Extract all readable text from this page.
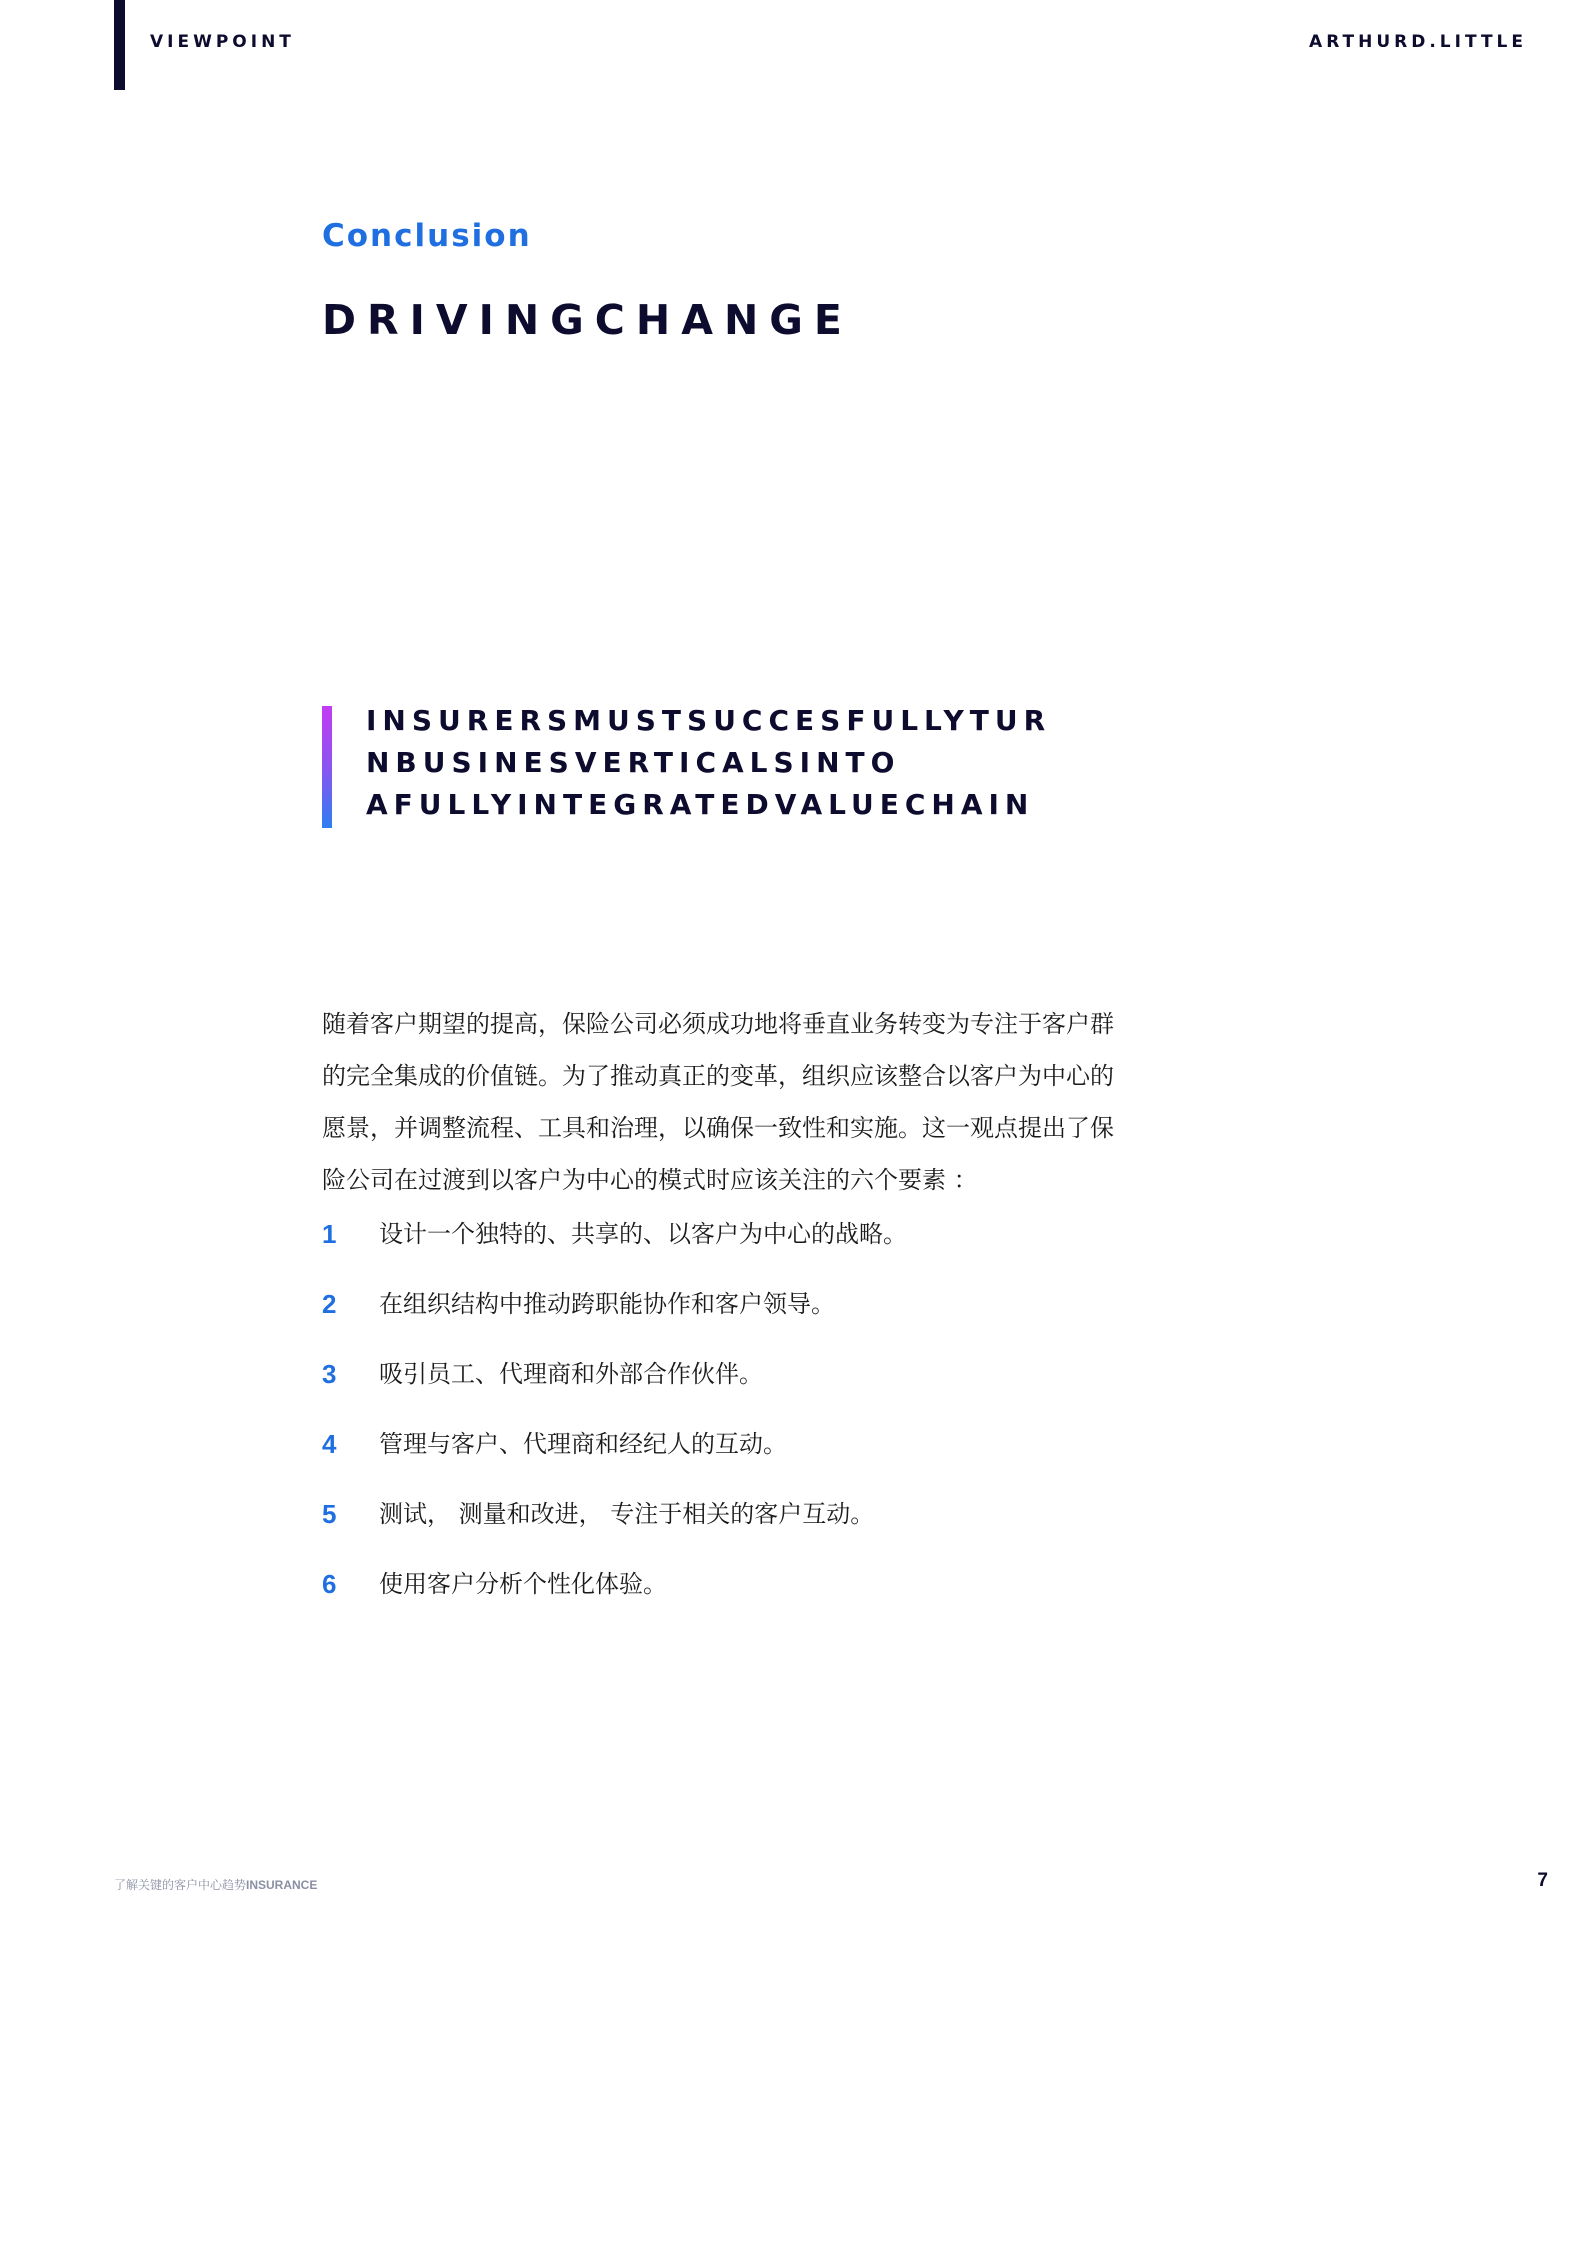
VIEWPOINT	ARTHURD.LITTLE
Conclusion
DRIVINGCHANGE
INSURERSMUSTSUCCESFULLYTUR
NBUSINESVERTICALSINTO
AFULLYINTEGRATEDVALUECHAIN
随着客户期望的提高，保险公司必须成功地将垂直业务转变为专注于客户群
的完全集成的价值链。为了推动真正的变革，组织应该整合以客户为中心的
愿景，并调整流程、工具和治理，以确保一致性和实施。这一观点提出了保
险公司在过渡到以客户为中心的模式时应该关注的六个要素 ：
1 设计一个独特的、共享的、以客户为中心的战略。
2 在组织结构中推动跨职能协作和客户领导。
3 吸引员工、代理商和外部合作伙伴。
4 管理与客户、代理商和经纪人的互动。
5 测试， 测量和改进， 专注于相关的客户互动。
6 使用客户分析个性化体验。
了解关键的客户中心趋势INSURANCE	7
